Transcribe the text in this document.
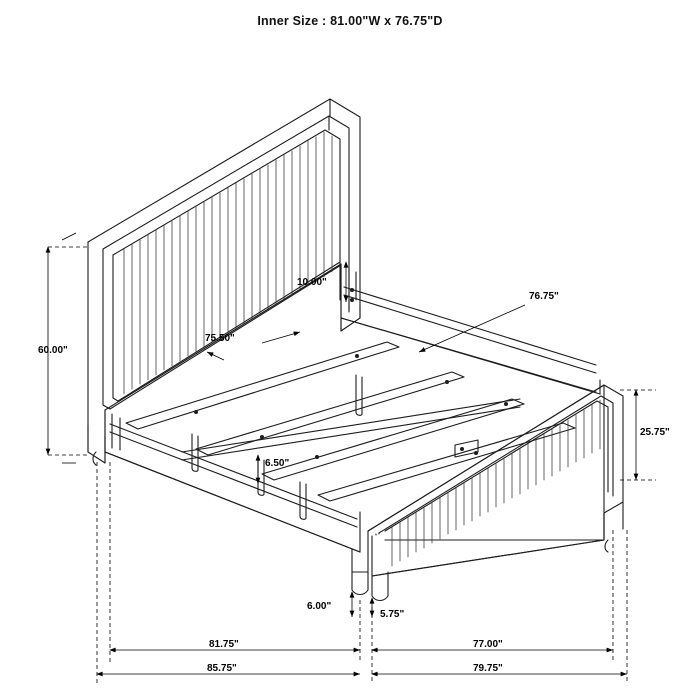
Inner Size : 81.00"W x 76.75"D
60.00"
10.00"
75.50"
76.75"
6.50"
25.75"
6.00"
5.75"
81.75"	77.00"
85.75"	79.75"
